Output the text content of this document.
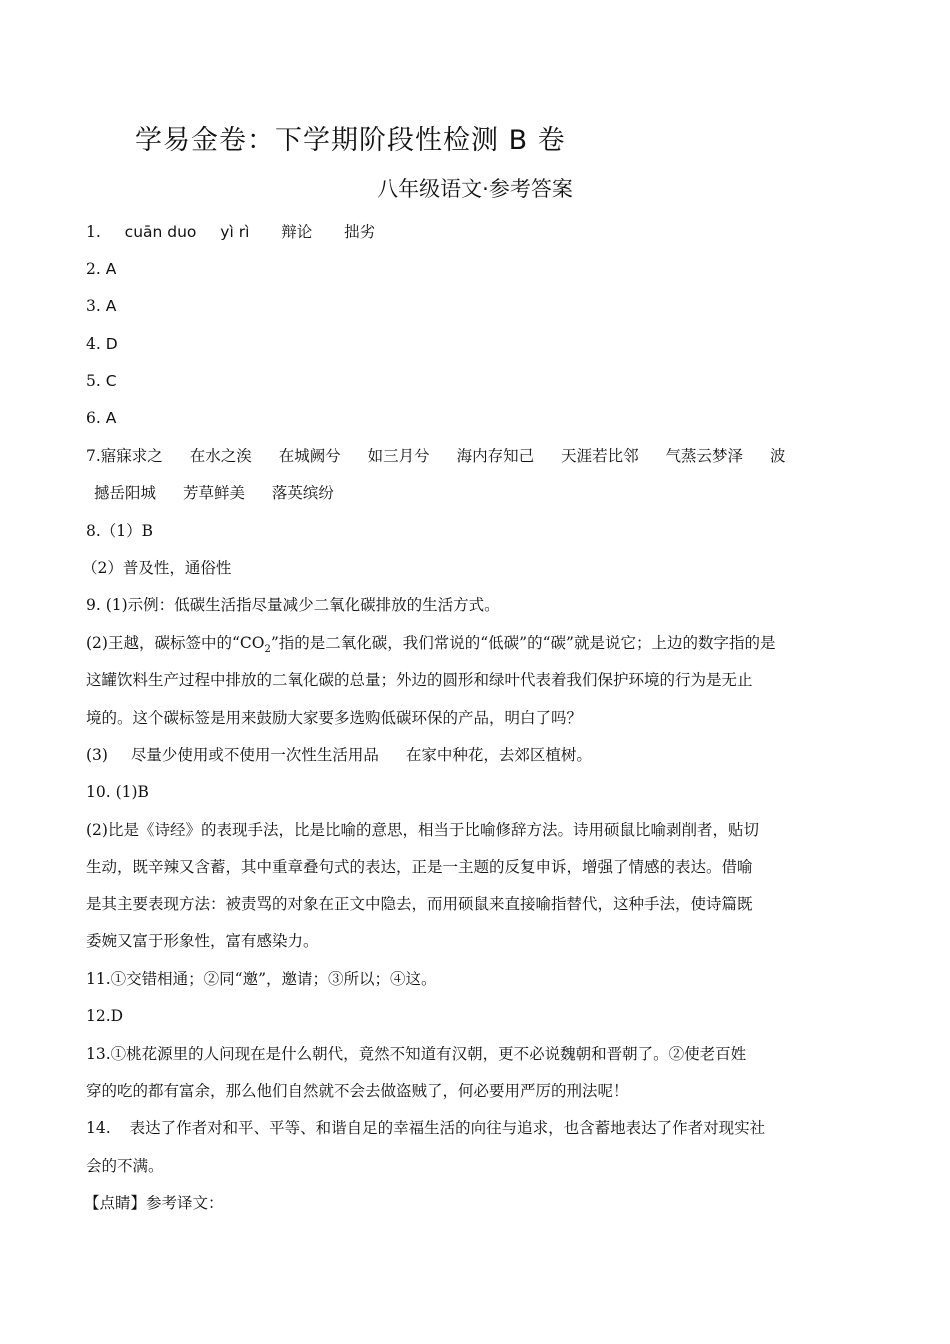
学易金卷：下学期阶段性检测 B 卷
八年级语文·参考答案
1. cuān duo yì rì 辩论 拙劣
2. A
3. A
4. D
5. C
6. A
7.寤寐求之 在水之涘 在城阙兮 如三月兮 海内存知己 天涯若比邻 气蒸云梦泽 波
撼岳阳城 芳草鲜美 落英缤纷
8.（1）B
（2）普及性，通俗性
9. (1)示例：低碳生活指尽量减少二氧化碳排放的生活方式。
(2)王越，碳标签中的“$CO_2$”指的是二氧化碳，我们常说的“低碳”的“碳”就是说它；上边的数字指的是
这罐饮料生产过程中排放的二氧化碳的总量；外边的圆形和绿叶代表着我们保护环境的行为是无止
境的。这个碳标签是用来鼓励大家要多选购低碳环保的产品，明白了吗？
(3) 尽量少使用或不使用一次性生活用品 在家中种花，去郊区植树。
10. (1)B
(2)比是《诗经》的表现手法，比是比喻的意思，相当于比喻修辞方法。诗用硕鼠比喻剥削者，贴切
生动，既辛辣又含蓄，其中重章叠句式的表达，正是一主题的反复申诉，增强了情感的表达。借喻
是其主要表现方法：被责骂的对象在正文中隐去，而用硕鼠来直接喻指替代，这种手法，使诗篇既
委婉又富于形象性，富有感染力。
11.①交错相通；②同“邀”，邀请；③所以；④这。
12.D
13.①桃花源里的人问现在是什么朝代，竟然不知道有汉朝，更不必说魏朝和晋朝了。②使老百姓
穿的吃的都有富余，那么他们自然就不会去做盗贼了，何必要用严厉的刑法呢！
14. 表达了作者对和平、平等、和谐自足的幸福生活的向往与追求，也含蓄地表达了作者对现实社
会的不满。
【点睛】参考译文：
